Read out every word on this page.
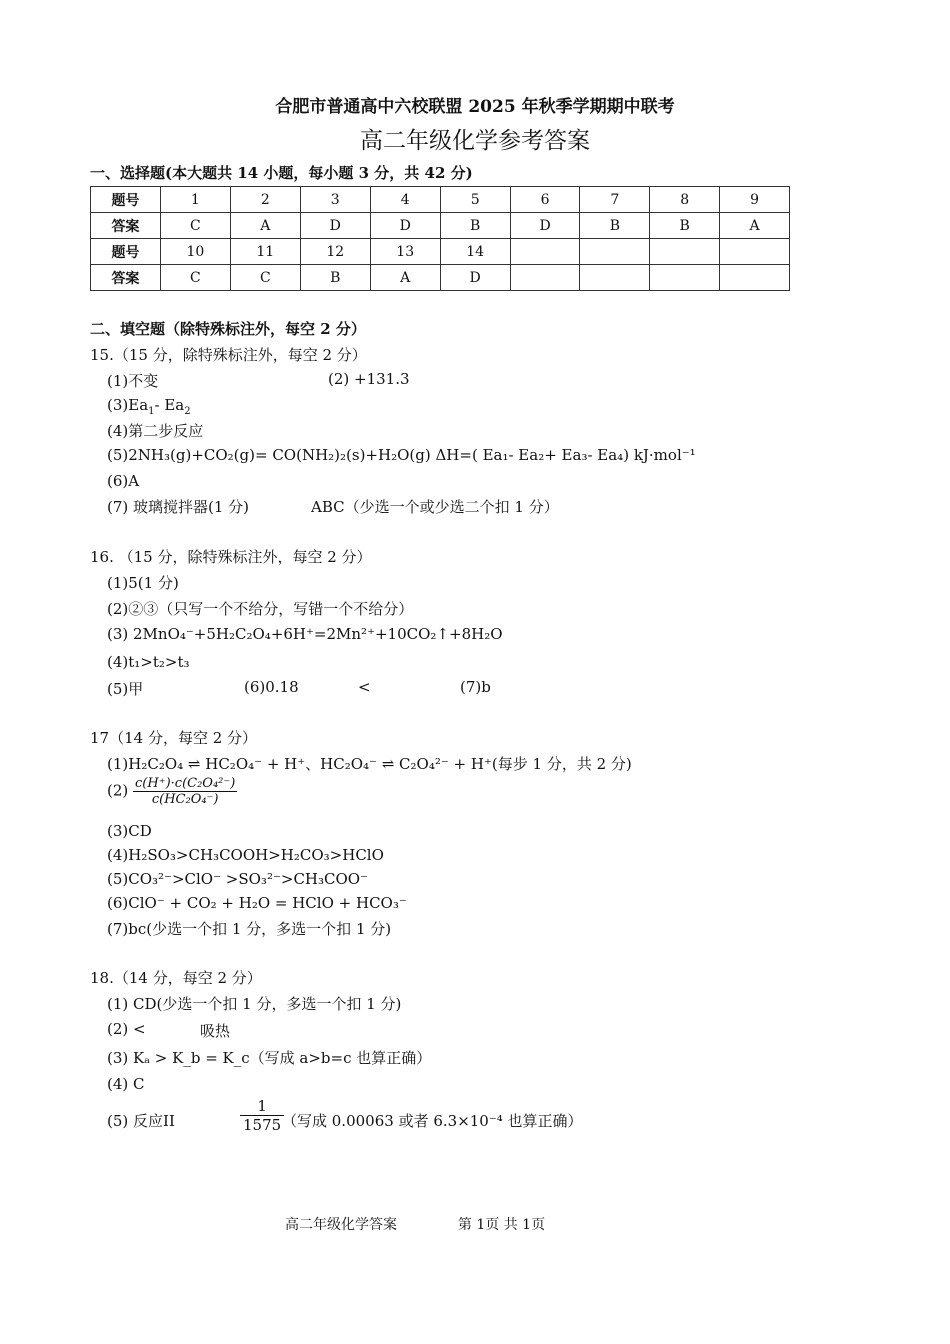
合肥市普通高中六校联盟 2025 年秋季学期期中联考
高二年级化学参考答案
一、选择题(本大题共 14 小题，每小题 3 分，共 42 分)
题号	1	2	3	4	5	6	7	8	9
答案	C	A	D	D	B	D	B	B	A
题号	10	11	12	13	14				
答案	C	C	B	A	D				
二、填空题（除特殊标注外，每空 2 分）
15.（15 分，除特殊标注外，每空 2 分）
(1)不变	(2) +131.3
$(3)Ea_1-$ $Ea_2$
(4)第二步反应
(5)2NH₃(g)+CO₂(g)= CO(NH₂)₂(s)+H₂O(g) ΔH=( Ea₁- Ea₂+ Ea₃- Ea₄) kJ·mol⁻¹
(6)A
(7) 玻璃搅拌器(1 分)	ABC（少选一个或少选二个扣 1 分）
16. （15 分，除特殊标注外，每空 2 分）
(1)5(1 分)
(2)②③（只写一个不给分，写错一个不给分）
(3) 2MnO₄⁻+5H₂C₂O₄+6H⁺=2Mn²⁺+10CO₂↑+8H₂O
(4)t₁>t₂>t₃
(5)甲	(6)0.18	<	(7)b
17（14 分，每空 2 分）
(1)H₂C₂O₄ ⇌ HC₂O₄⁻ + H⁺、HC₂O₄⁻ ⇌ C₂O₄²⁻ + H⁺(每步 1 分，共 2 分)
$(2) \frac{\text{c(H⁺)·c(C₂O₄²⁻)}}{\text{c(HC₂O₄⁻)}}$
(3)CD
(4)H₂SO₃>CH₃COOH>H₂CO₃>HClO
(5)CO₃²⁻>ClO⁻ >SO₃²⁻>CH₃COO⁻
(6)ClO⁻ + CO₂ + H₂O = HClO + HCO₃⁻
(7)bc(少选一个扣 1 分，多选一个扣 1 分)
18.（14 分，每空 2 分）
(1) CD(少选一个扣 1 分，多选一个扣 1 分)
(2) <	吸热
(3) Kₐ > K_b = K_c（写成 a>b=c 也算正确）
(4) C
(5) 反应II	$\frac{1}{1575}$
（写成 0.00063 或者 6.3×10⁻⁴ 也算正确）
高二年级化学答案	第 1页 共 1页
